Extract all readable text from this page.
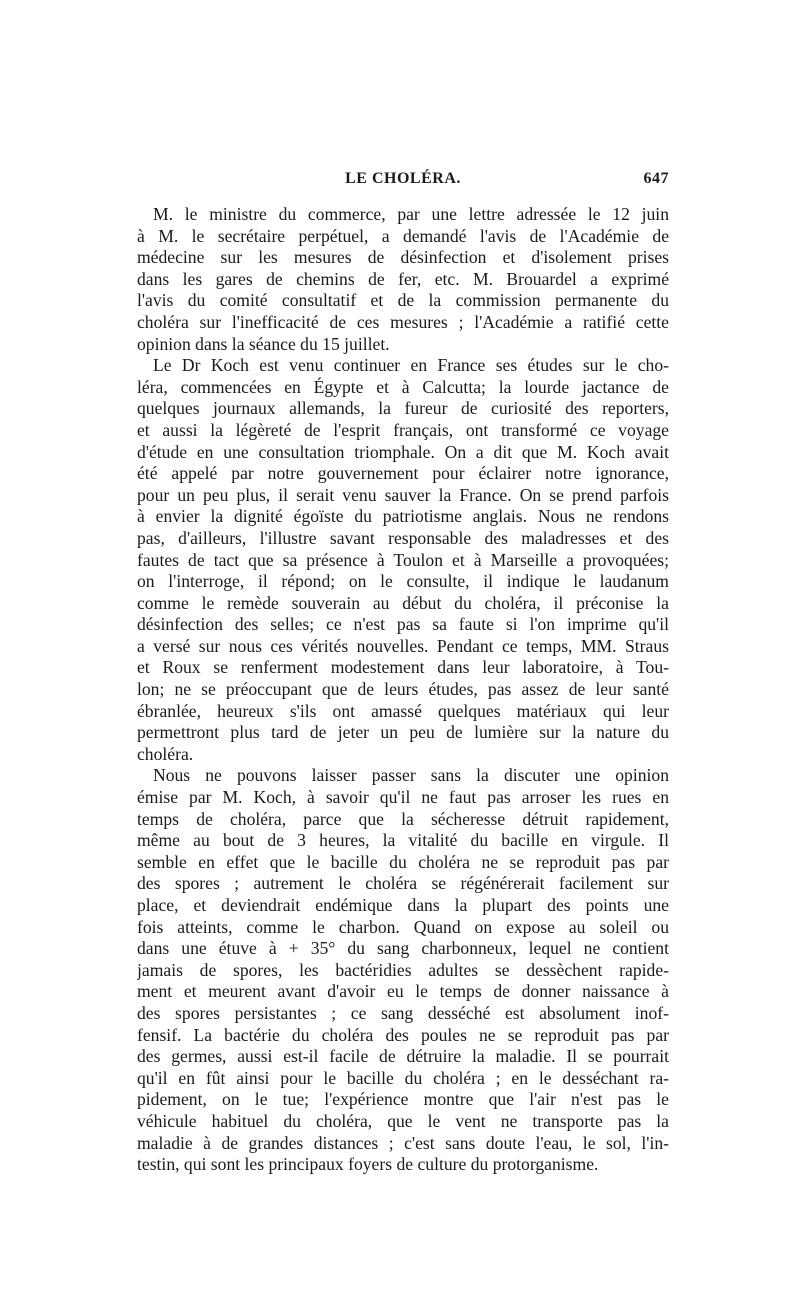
LE CHOLÉRA.	647

M. le ministre du commerce, par une lettre adressée le 12 juin
à M. le secrétaire perpétuel, a demandé l'avis de l'Académie de
médecine sur les mesures de désinfection et d'isolement prises
dans les gares de chemins de fer, etc. M. Brouardel a exprimé
l'avis du comité consultatif et de la commission permanente du
choléra sur l'inefficacité de ces mesures ; l'Académie a ratifié cette
opinion dans la séance du 15 juillet.

Le Dr Koch est venu continuer en France ses études sur le cho-
léra, commencées en Égypte et à Calcutta; la lourde jactance de
quelques journaux allemands, la fureur de curiosité des reporters,
et aussi la légèreté de l'esprit français, ont transformé ce voyage
d'étude en une consultation triomphale. On a dit que M. Koch avait
été appelé par notre gouvernement pour éclairer notre ignorance,
pour un peu plus, il serait venu sauver la France. On se prend parfois
à envier la dignité égoïste du patriotisme anglais. Nous ne rendons
pas, d'ailleurs, l'illustre savant responsable des maladresses et des
fautes de tact que sa présence à Toulon et à Marseille a provoquées;
on l'interroge, il répond; on le consulte, il indique le laudanum
comme le remède souverain au début du choléra, il préconise la
désinfection des selles; ce n'est pas sa faute si l'on imprime qu'il
a versé sur nous ces vérités nouvelles. Pendant ce temps, MM. Straus
et Roux se renferment modestement dans leur laboratoire, à Tou-
lon; ne se préoccupant que de leurs études, pas assez de leur santé
ébranlée, heureux s'ils ont amassé quelques matériaux qui leur
permettront plus tard de jeter un peu de lumière sur la nature du
choléra.

Nous ne pouvons laisser passer sans la discuter une opinion
émise par M. Koch, à savoir qu'il ne faut pas arroser les rues en
temps de choléra, parce que la sécheresse détruit rapidement,
même au bout de 3 heures, la vitalité du bacille en virgule. Il
semble en effet que le bacille du choléra ne se reproduit pas par
des spores ; autrement le choléra se régénérerait facilement sur
place, et deviendrait endémique dans la plupart des points une
fois atteints, comme le charbon. Quand on expose au soleil ou
dans une étuve à + 35° du sang charbonneux, lequel ne contient
jamais de spores, les bactéridies adultes se dessèchent rapide-
ment et meurent avant d'avoir eu le temps de donner naissance à
des spores persistantes ; ce sang desséché est absolument inof-
fensif. La bactérie du choléra des poules ne se reproduit pas par
des germes, aussi est-il facile de détruire la maladie. Il se pourrait
qu'il en fût ainsi pour le bacille du choléra ; en le desséchant ra-
pidement, on le tue; l'expérience montre que l'air n'est pas le
véhicule habituel du choléra, que le vent ne transporte pas la
maladie à de grandes distances ; c'est sans doute l'eau, le sol, l'in-
testin, qui sont les principaux foyers de culture du protorganisme.
